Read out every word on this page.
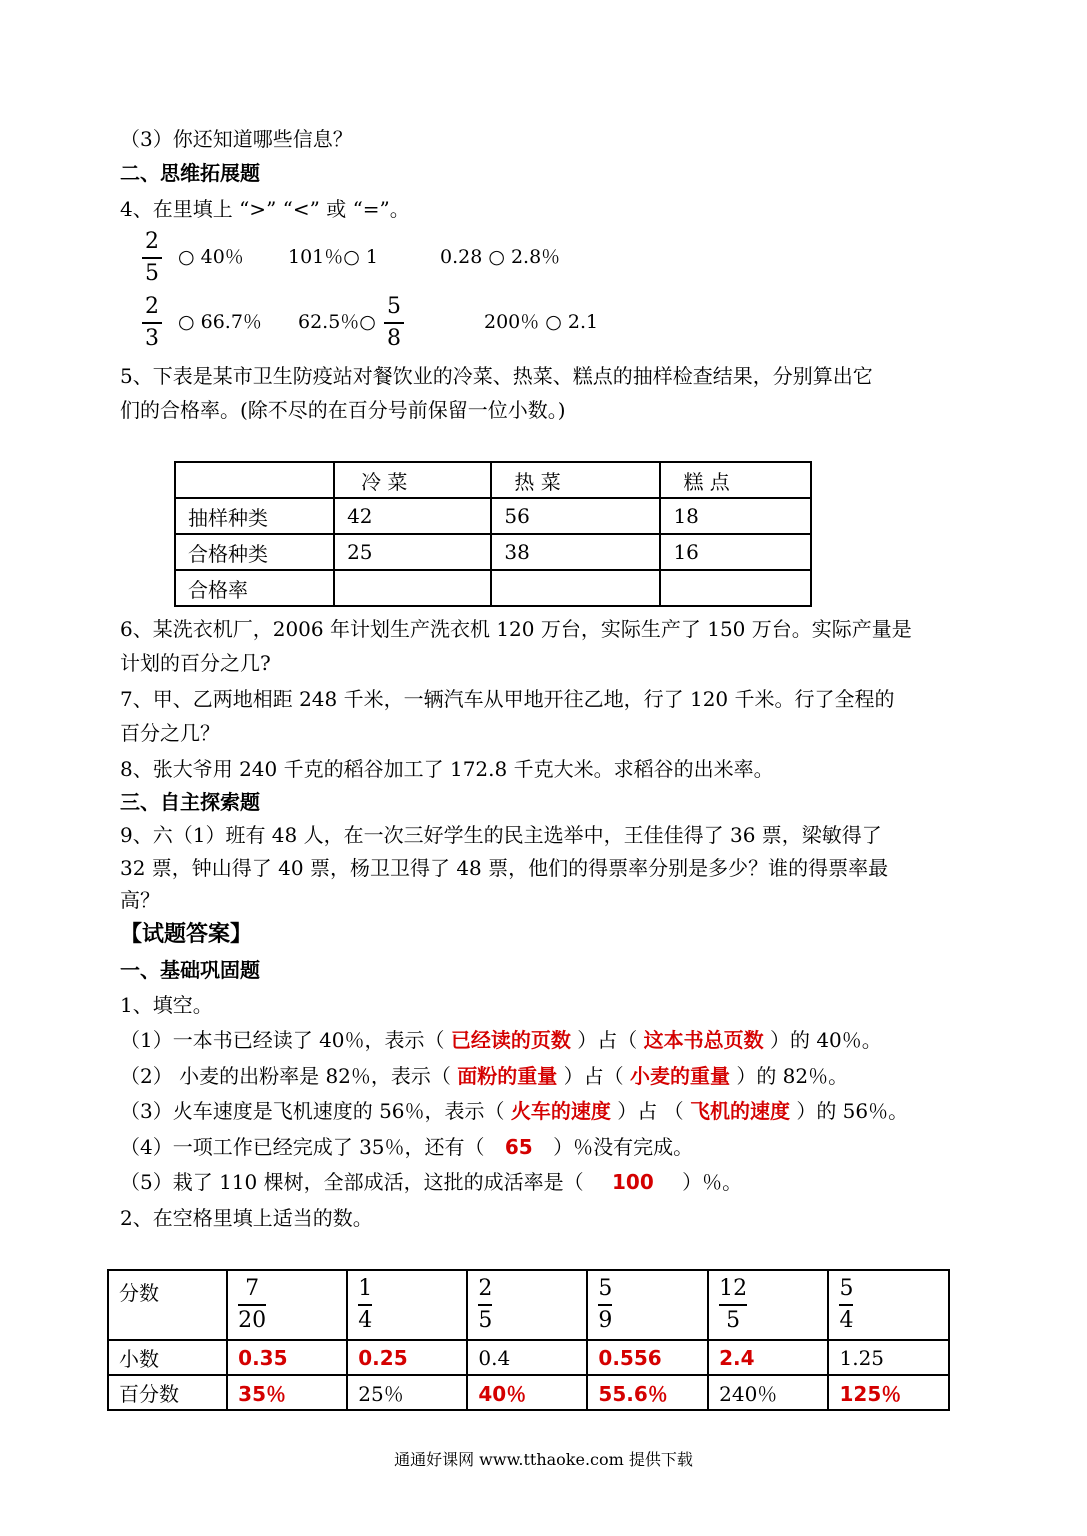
（3）你还知道哪些信息？
二、思维拓展题
4、在里填上 “>” “<” 或 “=”。
2
5
○ 40％ 101％○ 1	0.28 ○ 2.8％
2
3
○ 66.7％ 62.5％○
5
8
200％ ○ 2.1
5、下表是某市卫生防疫站对餐饮业的冷菜、热菜、糕点的抽样检查结果，分别算出它
们的合格率。(除不尽的在百分号前保留一位小数。)
	冷 菜	热 菜	糕 点
抽样种类	42	56	18
合格种类	25	38	16
合格率			
6、某洗衣机厂，2006 年计划生产洗衣机 120 万台，实际生产了 150 万台。实际产量是
计划的百分之几?
7、甲、乙两地相距 248 千米，一辆汽车从甲地开往乙地，行了 120 千米。行了全程的
百分之几？
8、张大爷用 240 千克的稻谷加工了 172.8 千克大米。求稻谷的出米率。
三、自主探索题
9、六（1）班有 48 人，在一次三好学生的民主选举中，王佳佳得了 36 票，梁敏得了
32 票，钟山得了 40 票，杨卫卫得了 48 票，他们的得票率分别是多少？谁的得票率最
高？
【试题答案】
一、基础巩固题
1、填空。
（1）一本书已经读了 40％，表示（ 已经读的页数 ）占（ 这本书总页数 ）的 40％。
（2） 小麦的出粉率是 82％，表示（ 面粉的重量 ）占（ 小麦的重量 ）的 82％。
（3）火车速度是飞机速度的 56％，表示（ 火车的速度 ）占 （ 飞机的速度 ）的 56％。
（4）一项工作已经完成了 35％，还有（ 65 ）％没有完成。
（5）栽了 110 棵树，全部成活，这批的成活率是（ 100 ）％。
2、在空格里填上适当的数。
分数	$\frac{7}{20}$	$\frac{1}{4}$	$\frac{2}{5}$	$\frac{5}{9}$	$\frac{12}{5}$	$\frac{5}{4}$

小数	0.35	0.25	0.4	0.556	2.4	1.25
百分数	35％	25％	40％	55.6％	240％	125％
通通好课网 www.tthaoke.com 提供下载
